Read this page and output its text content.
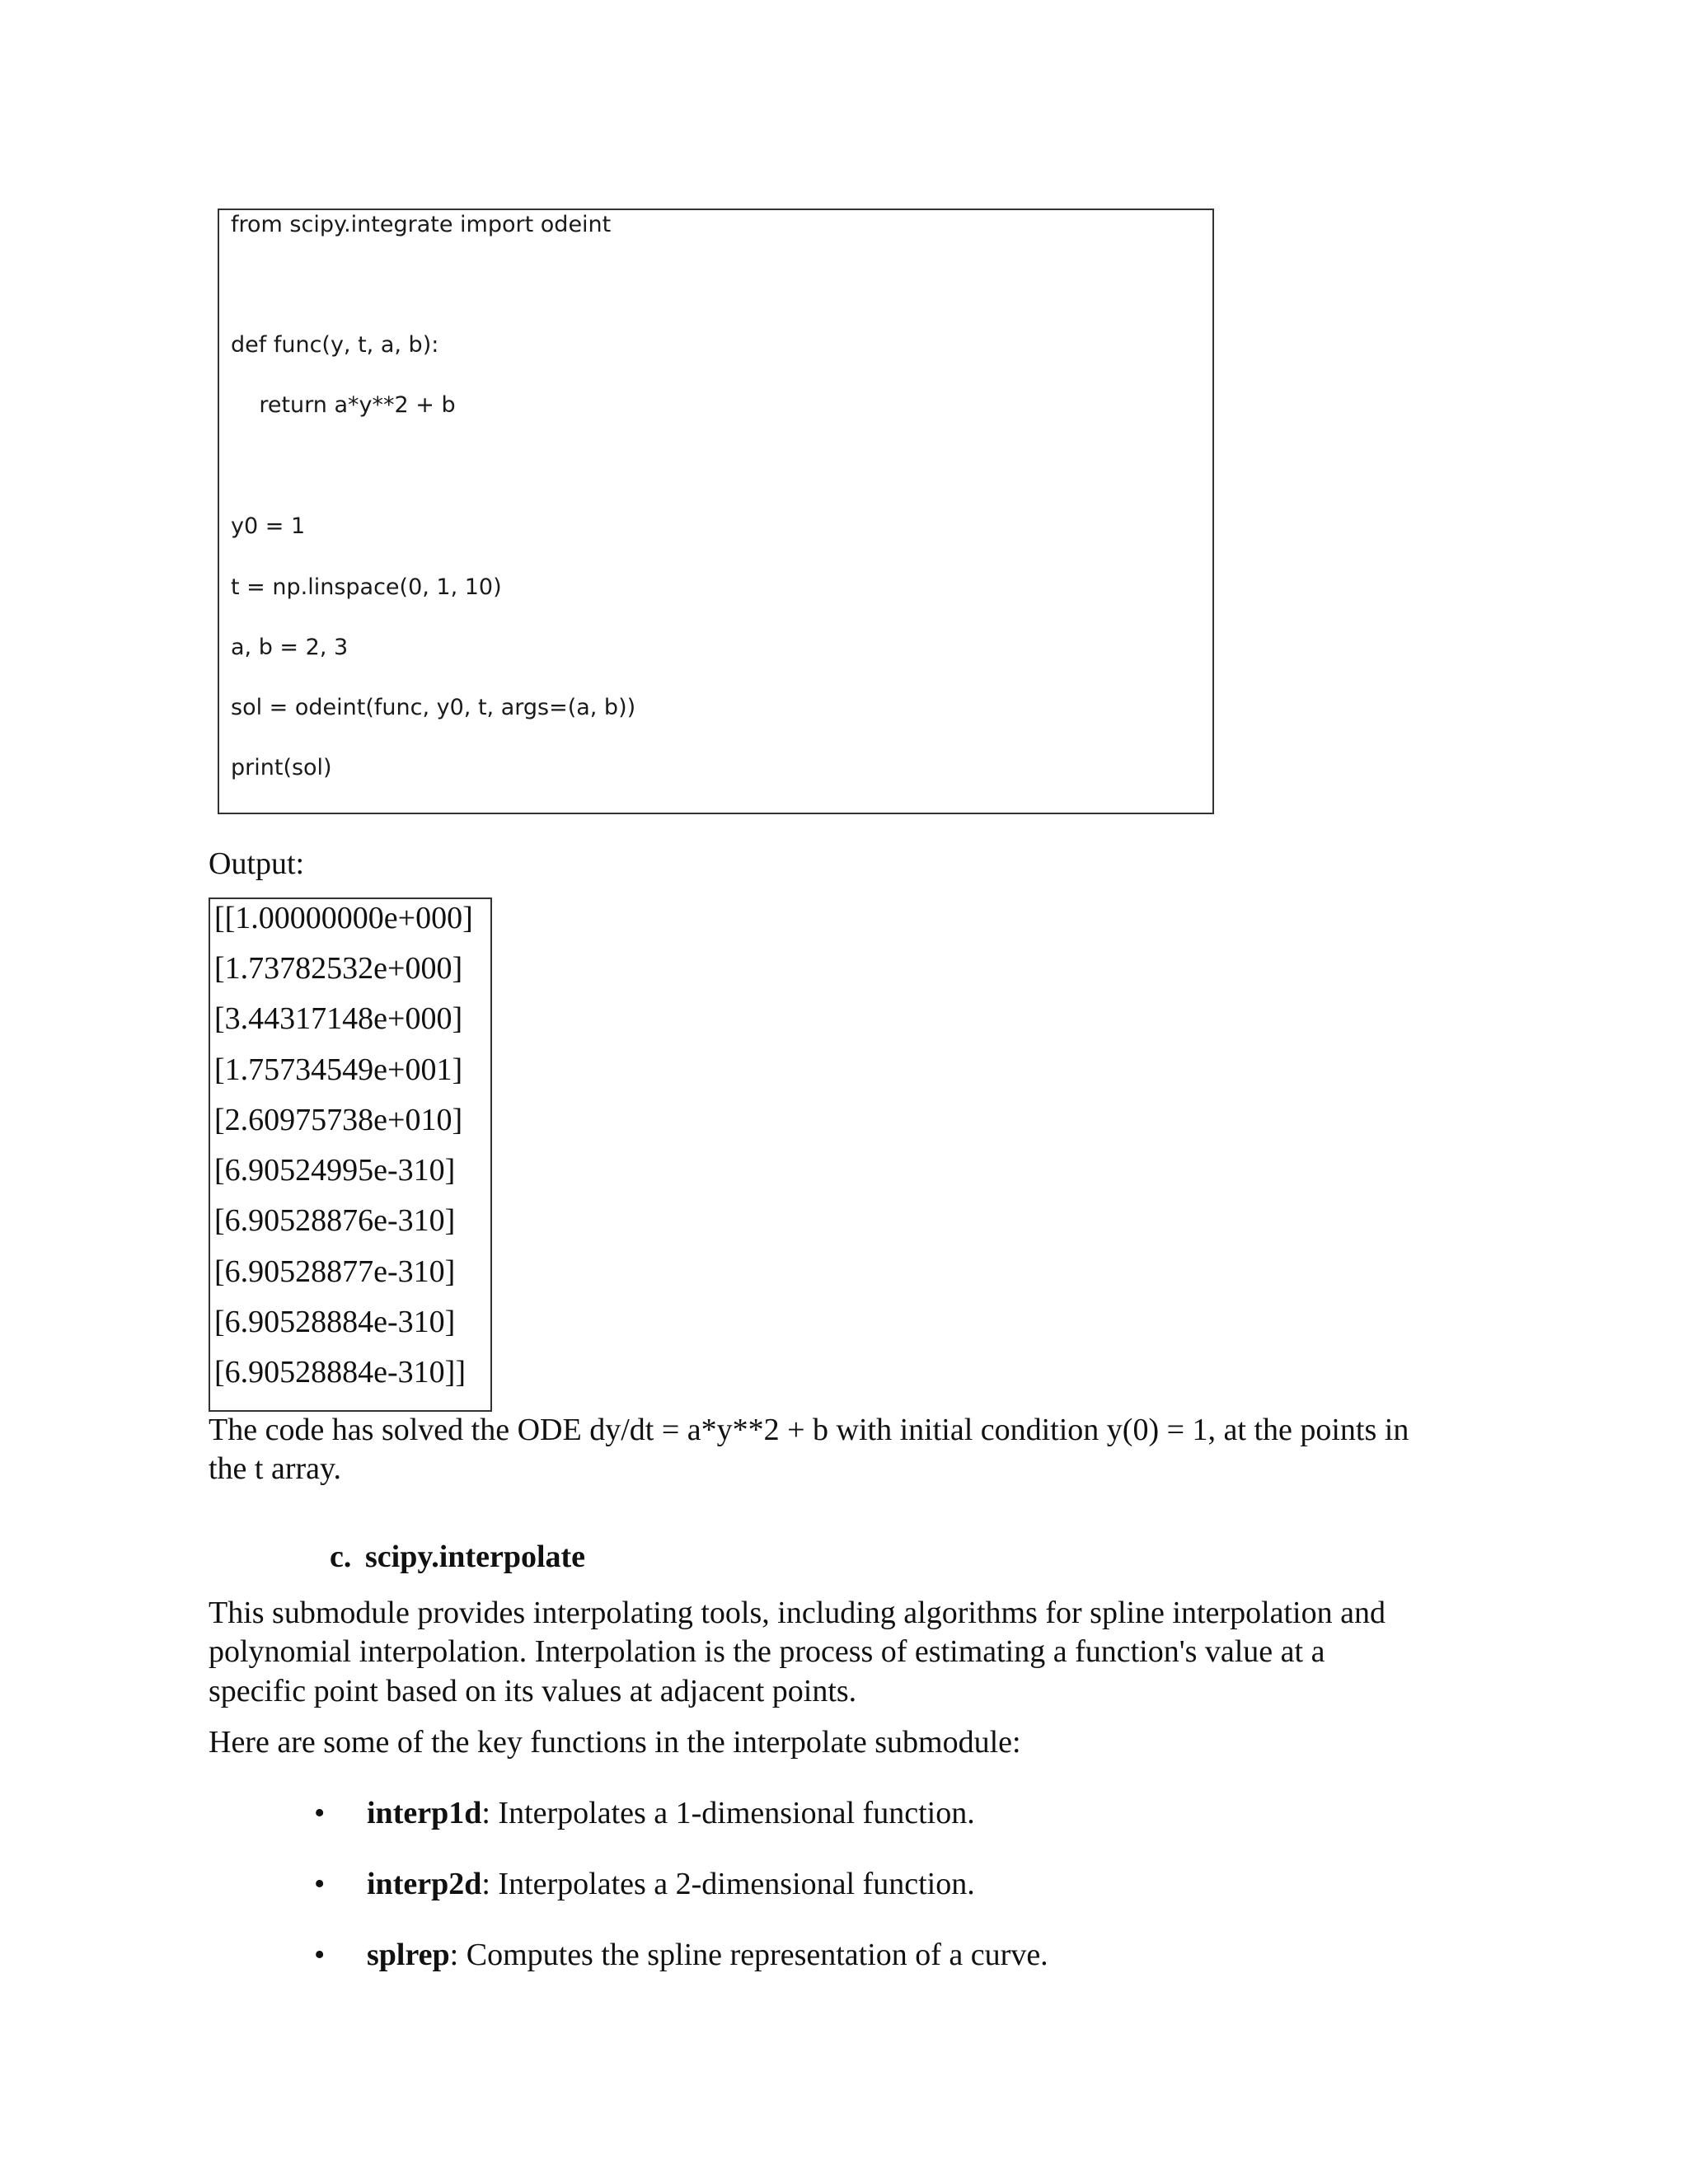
from scipy.integrate import odeint
def func(y, t, a, b):
return a*y**2 + b
y0 = 1
t = np.linspace(0, 1, 10)
a, b = 2, 3
sol = odeint(func, y0, t, args=(a, b))
print(sol)
Output:
[[1.00000000e+000]
[1.73782532e+000]
[3.44317148e+000]
[1.75734549e+001]
[2.60975738e+010]
[6.90524995e-310]
[6.90528876e-310]
[6.90528877e-310]
[6.90528884e-310]
[6.90528884e-310]]
The code has solved the ODE dy/dt = a*y**2 + b with initial condition y(0) = 1, at the points in
the t array.
c. scipy.interpolate
This submodule provides interpolating tools, including algorithms for spline interpolation and
polynomial interpolation. Interpolation is the process of estimating a function's value at a
specific point based on its values at adjacent points.
Here are some of the key functions in the interpolate submodule:
• interp1d: Interpolates a 1-dimensional function.
• interp2d: Interpolates a 2-dimensional function.
• splrep: Computes the spline representation of a curve.
